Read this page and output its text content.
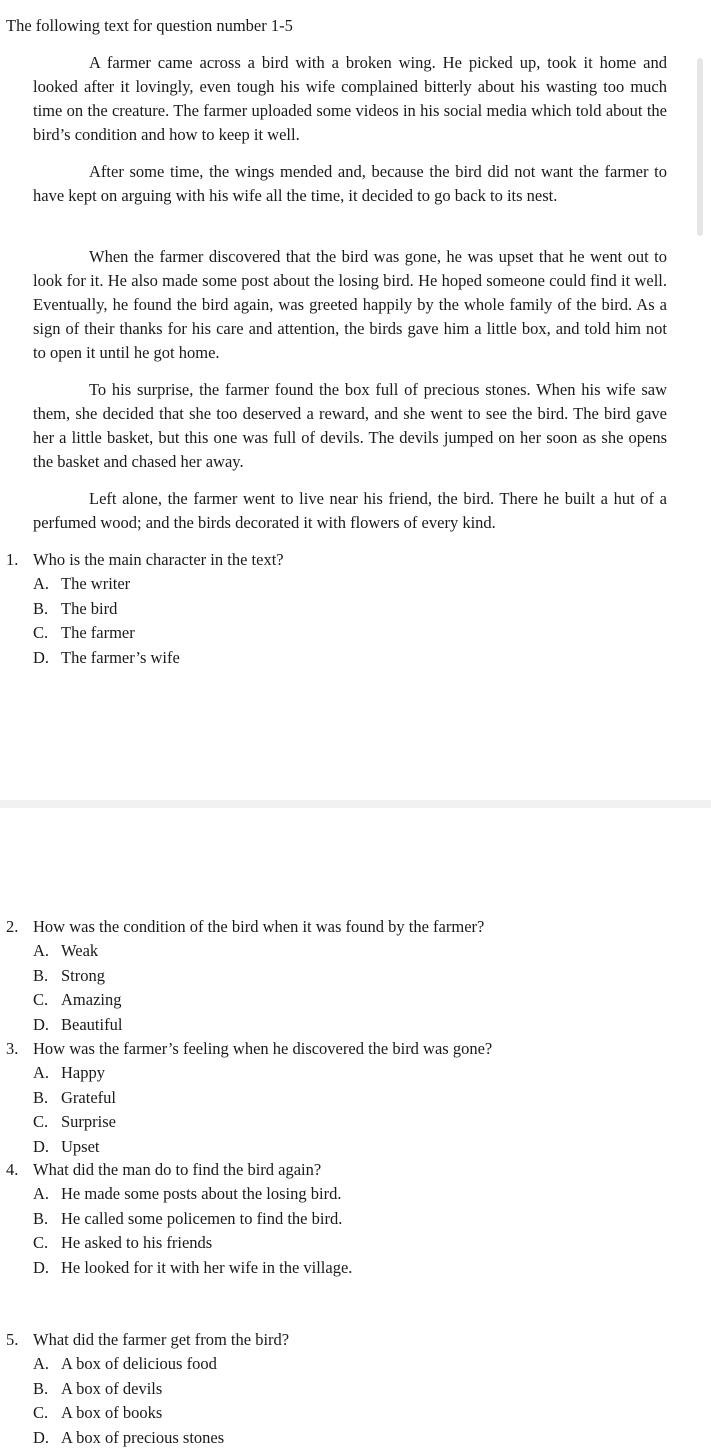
The following text for question number 1-5

A farmer came across a bird with a broken wing. He picked up, took it home and looked after it lovingly, even tough his wife complained bitterly about his wasting too much time on the creature. The farmer uploaded some videos in his social media which told about the bird’s condition and how to keep it well.

After some time, the wings mended and, because the bird did not want the farmer to have kept on arguing with his wife all the time, it decided to go back to its nest.

When the farmer discovered that the bird was gone, he was upset that he went out to look for it. He also made some post about the losing bird. He hoped someone could find it well. Eventually, he found the bird again, was greeted happily by the whole family of the bird. As a sign of their thanks for his care and attention, the birds gave him a little box, and told him not to open it until he got home.

To his surprise, the farmer found the box full of precious stones. When his wife saw them, she decided that she too deserved a reward, and she went to see the bird. The bird gave her a little basket, but this one was full of devils. The devils jumped on her soon as she opens the basket and chased her away.

Left alone, the farmer went to live near his friend, the bird. There he built a hut of a perfumed wood; and the birds decorated it with flowers of every kind.

1. Who is the main character in the text?
A. The writer
B. The bird
C. The farmer
D. The farmer’s wife
2. How was the condition of the bird when it was found by the farmer?
A. Weak
B. Strong
C. Amazing
D. Beautiful
3. How was the farmer’s feeling when he discovered the bird was gone?
A. Happy
B. Grateful
C. Surprise
D. Upset
4. What did the man do to find the bird again?
A. He made some posts about the losing bird.
B. He called some policemen to find the bird.
C. He asked to his friends
D. He looked for it with her wife in the village.
5. What did the farmer get from the bird?
A. A box of delicious food
B. A box of devils
C. A box of books
D. A box of precious stones
